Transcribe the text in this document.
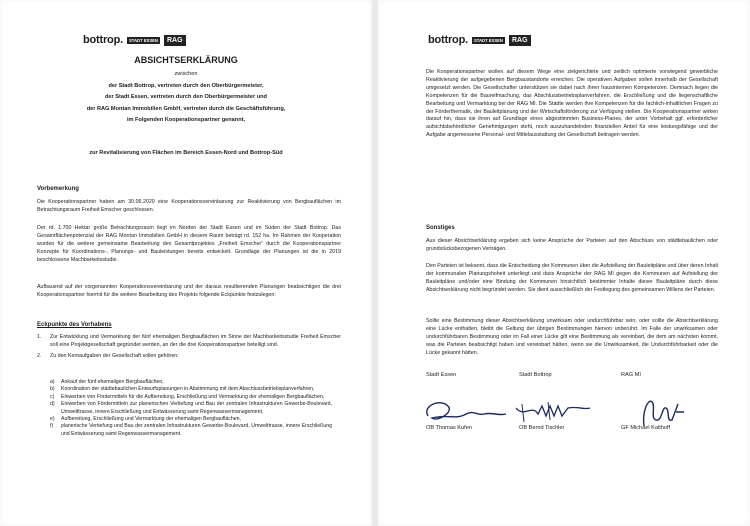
bottrop.	STADT ESSEN	RAG
ABSICHTSERKLÄRUNG
zwischen
der Stadt Bottrop, vertreten durch den Oberbürgermeister,
der Stadt Essen, vertreten durch den Oberbürgermeister und
der RAG Montan Immobilien GmbH, vertreten durch die Geschäftsführung,
im Folgenden Kooperationspartner genannt,
zur Revitalisierung von Flächen im Bereich Essen-Nord und Bottrop-Süd
Vorbemerkung

Die Kooperationspartner haben am 30.06.2020 eine Kooperationsvereinbarung zur Reaktivierung von Bergbauflächen im Betrachtungsraum Freiheit Emscher geschlossen.

Der rd. 1.700 Hektar große Betrachtungsraum liegt im Norden der Stadt Essen und im Süden der Stadt Bottrop. Das Gesamtflächenpotenzial der RAG Montan Immobilien GmbH in diesem Raum beträgt rd. 152 ha. Im Rahmen der Kooperation wurden für die weitere gemeinsame Bearbeitung des Gesamtprojektes „Freiheit Emscher“ durch die Kooperationspartner Konzepte für Koordinations-, Planungs- und Bauleistungen bereits entwickelt. Grundlage der Planungen ist die in 2019 beschlossene Machbarkeitsstudie.

Aufbauend auf der vorgenannten Kooperationsvereinbarung und der daraus resultierenden Planungen beabsichtigen die drei Kooperationspartner hiermit für die weitere Bearbeitung des Projekts folgende Eckpunkte festzulegen:

Eckpunkte des Vorhabens
1.	Zur Entwicklung und Vermarktung der fünf ehemaligen Bergbauflächen im Sinne der Machbarkeitsstudie Freiheit Emscher soll eine Projektgesellschaft gegründet werden, an der die drei Kooperationspartner beteiligt sind.
2.	Zu den Kernaufgaben der Gesellschaft sollen gehören:
a)	Ankauf der fünf ehemaligen Bergbauflächen,
b)	Koordination der städtebaulichen Entwurfsplanungen in Abstimmung mit dem Abschlussbetriebsplanverfahren,
c)	Einwerben von Fördermitteln für die Aufbereitung, Erschließung und Vermarktung der ehemaligen Bergbauflächen,
d)	Einwerben von Fördermitteln zur planerischen Vertiefung und Bau der zentralen Infrastrukturen Gewerbe-Boulevard, Umwelttrasse, innere Erschließung und Entwässerung samt Regenwassermanagement,
e)	Aufbereitung, Erschließung und Vermarktung der ehemaligen Bergbauflächen,
f)	planerische Vertiefung und Bau der zentralen Infrastrukturen Gewerbe-Boulevard, Umwelttrasse, innere Erschließung und Entwässerung samt Regenwassermanagement.
bottrop.	STADT ESSEN	RAG

Die Kooperationspartner wollen auf diesem Wege eine zielgerichtete und zeitlich optimierte vorwiegend gewerbliche Reaktivierung der aufgegebenen Bergbaustandorte erreichen. Die operativen Aufgaben sollen innerhalb der Gesellschaft umgesetzt werden. Die Gesellschafter unterstützen sie dabei nach ihren hausinternen Kompetenzen. Demnach liegen die Kompetenzen für die Baureifmachung, das Abschlussbetriebsplanverfahren, die Erschließung und die liegenschaftliche Bearbeitung und Vermarktung bei der RAG MI. Die Städte werden ihre Kompetenzen für die fachlich-inhaltlichen Fragen zu der Förderthematik, der Bauleitplanung und der Wirtschaftsförderung zur Verfügung stellen. Die Kooperationspartner wirken darauf hin, dass sie ihren auf Grundlage eines abgestimmten Business-Planes, der unter Vorbehalt ggf. erforderlicher aufsichtsbehördlicher Genehmigungen steht, noch auszuhandelnden finanziellen Anteil für eine leistungsfähige und der Aufgabe angemessene Personal- und Mittelausstattung der Gesellschaft beitragen werden.

Sonstiges

Aus dieser Absichtserklärung ergeben sich keine Ansprüche der Parteien auf den Abschluss von städtebaulichen oder grundstücksbezogenen Verträgen.

Den Parteien ist bekannt, dass die Entscheidung der Kommunen über die Aufstellung der Bauleitpläne und über deren Inhalt der kommunalen Planungshoheit unterliegt und dass Ansprüche der RAG MI gegen die Kommunen auf Aufstellung der Bauleitpläne und/oder eine Bindung der Kommunen hinsichtlich bestimmter Inhalte dieser Bauleitpläne durch diese Absichtserklärung nicht begründet werden. Sie dient ausschließlich der Festlegung des gemeinsamen Willens der Parteien.

Sollte eine Bestimmung dieser Absichtserklärung unwirksam oder undurchführbar sein, oder sollte die Absichtserklärung eine Lücke enthalten, bleibt die Geltung der übrigen Bestimmungen hiervon unberührt. Im Falle der unwirksamen oder undurchführbaren Bestimmung oder im Fall einer Lücke gilt eine Bestimmung als vereinbart, die dem am nächsten kommt, was die Parteien beabsichtigt haben und vereinbart hätten, wenn sie die Unwirksamkeit, die Undurchführbarkeit oder die Lücke gekannt hätten.

Stadt Essen	Stadt Bottrop	RAG MI
OB Thomas Kufen	OB Bernd Tischler	GF Michael Kalthoff
